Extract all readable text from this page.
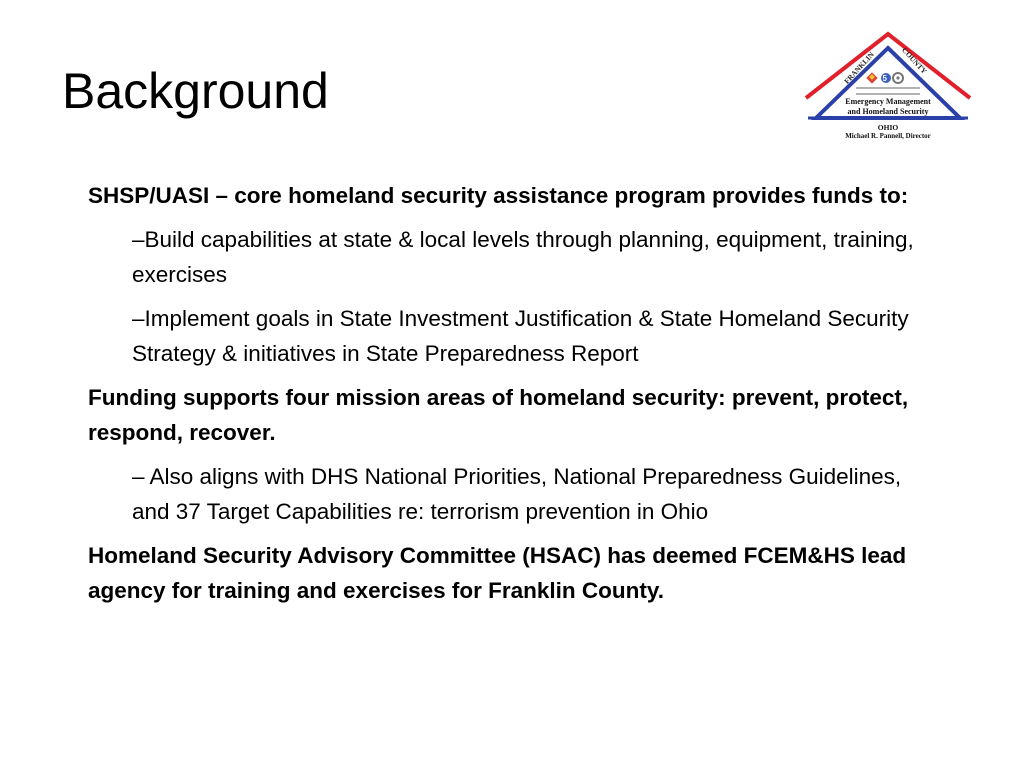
Background	FRANKLIN	COUNTY
5
Emergency Management
and Homeland Security
OHIO
Michael R. Pannell, Director

SHSP/UASI – core homeland security assistance program provides funds to:

–Build capabilities at state & local levels through planning, equipment, training, exercises

–Implement goals in State Investment Justification & State Homeland Security Strategy & initiatives in State Preparedness Report

Funding supports four mission areas of homeland security: prevent, protect, respond, recover.

– Also aligns with DHS National Priorities, National Preparedness Guidelines, and 37 Target Capabilities re: terrorism prevention in Ohio

Homeland Security Advisory Committee (HSAC) has deemed FCEM&HS lead agency for training and exercises for Franklin County.
